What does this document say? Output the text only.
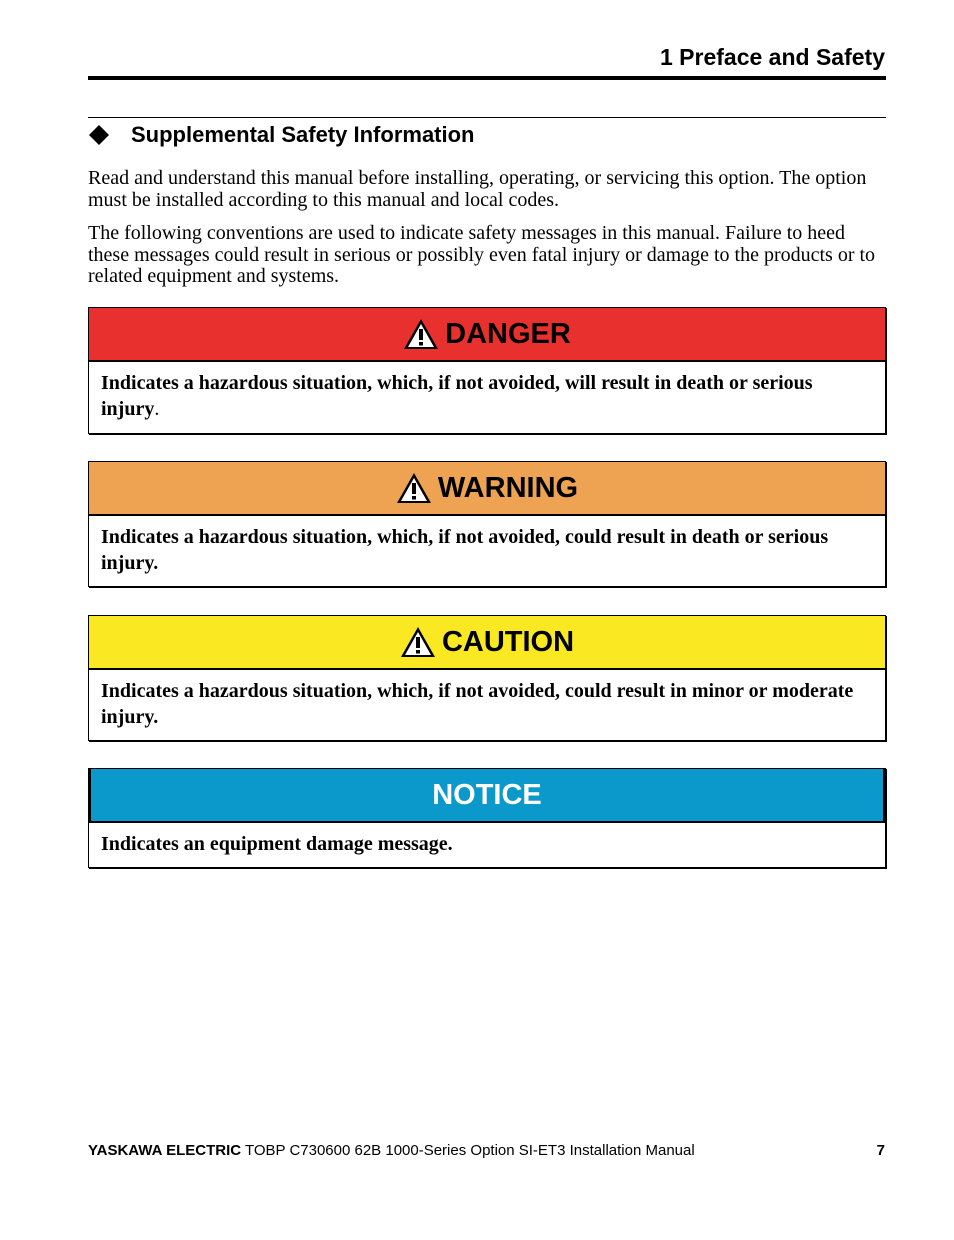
1 Preface and Safety
Supplemental Safety Information

Read and understand this manual before installing, operating, or servicing this option. The option must be installed according to this manual and local codes.

The following conventions are used to indicate safety messages in this manual. Failure to heed these messages could result in serious or possibly even fatal injury or damage to the products or to related equipment and systems.

DANGER
Indicates a hazardous situation, which, if not avoided, will result in death or serious injury.
WARNING
Indicates a hazardous situation, which, if not avoided, could result in death or serious injury.
CAUTION
Indicates a hazardous situation, which, if not avoided, could result in minor or moderate injury.
NOTICE
Indicates an equipment damage message.
YASKAWA ELECTRIC TOBP C730600 62B 1000-Series Option SI-ET3 Installation Manual	7
